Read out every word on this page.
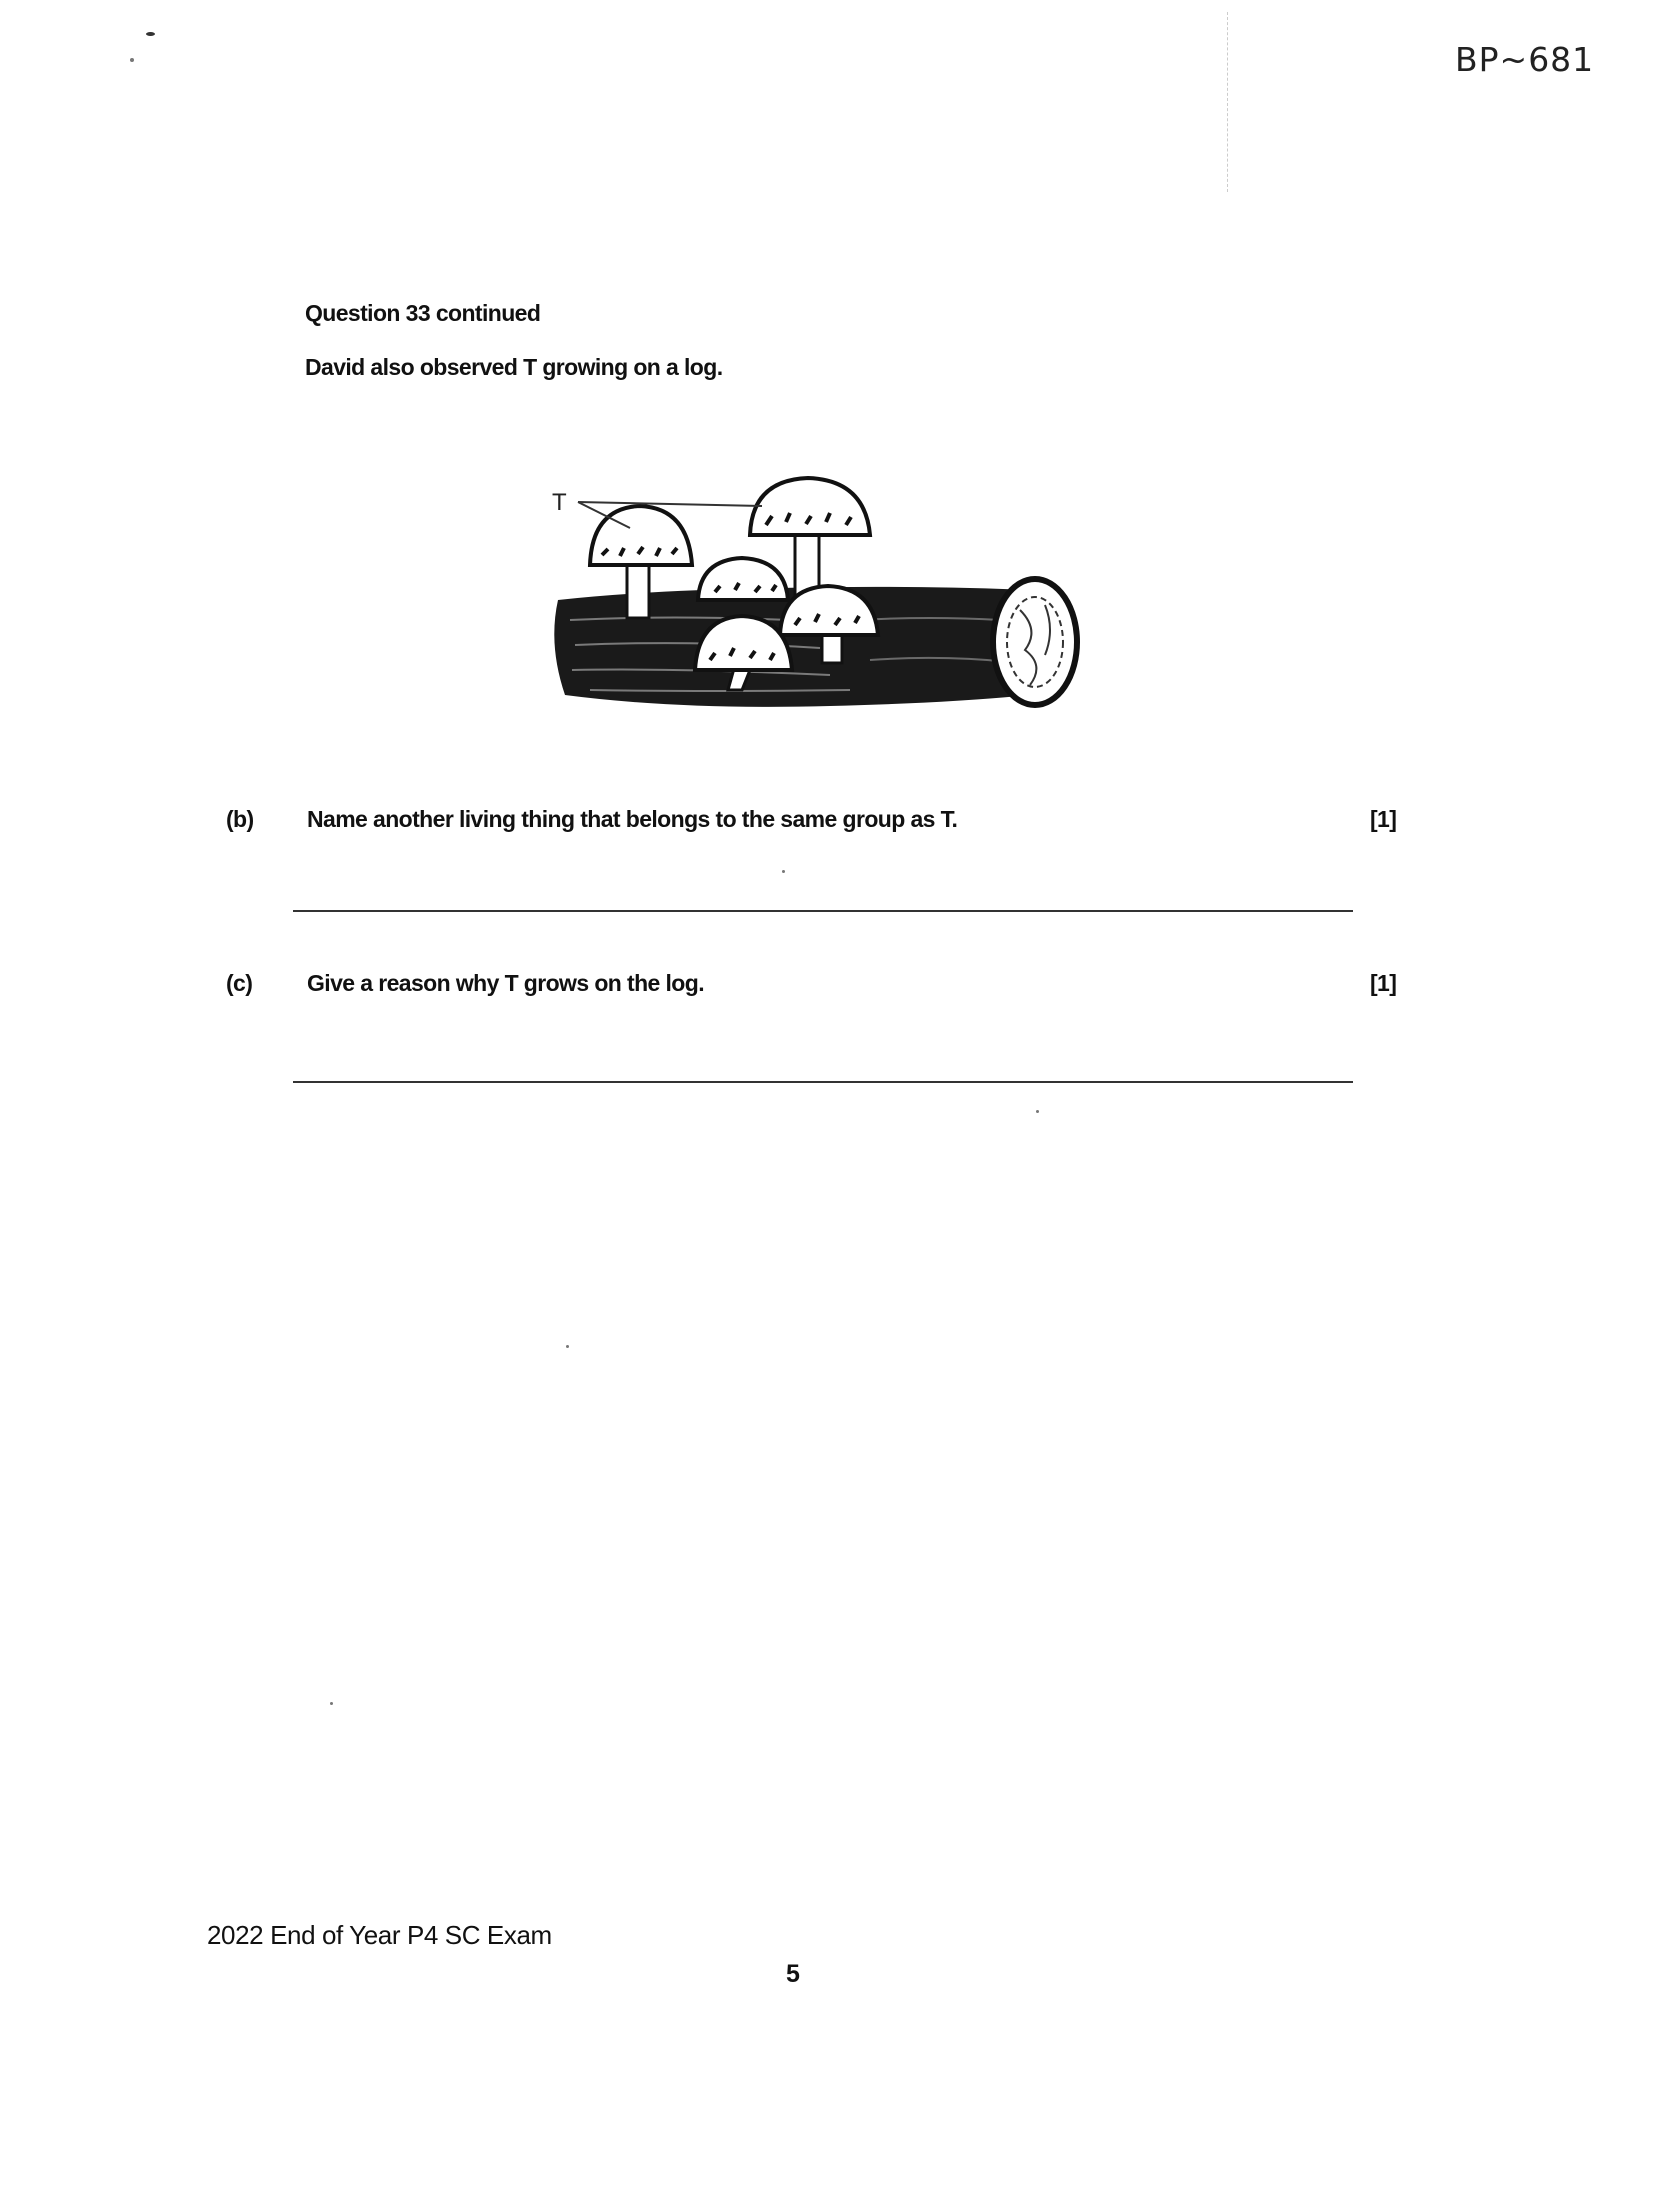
BP~681
Question 33 continued
David also observed T growing on a log.
T
(b) Name another living thing that belongs to the same group as T.	[1]
(c) Give a reason why T grows on the log.	[1]
2022 End of Year P4 SC Exam
5
